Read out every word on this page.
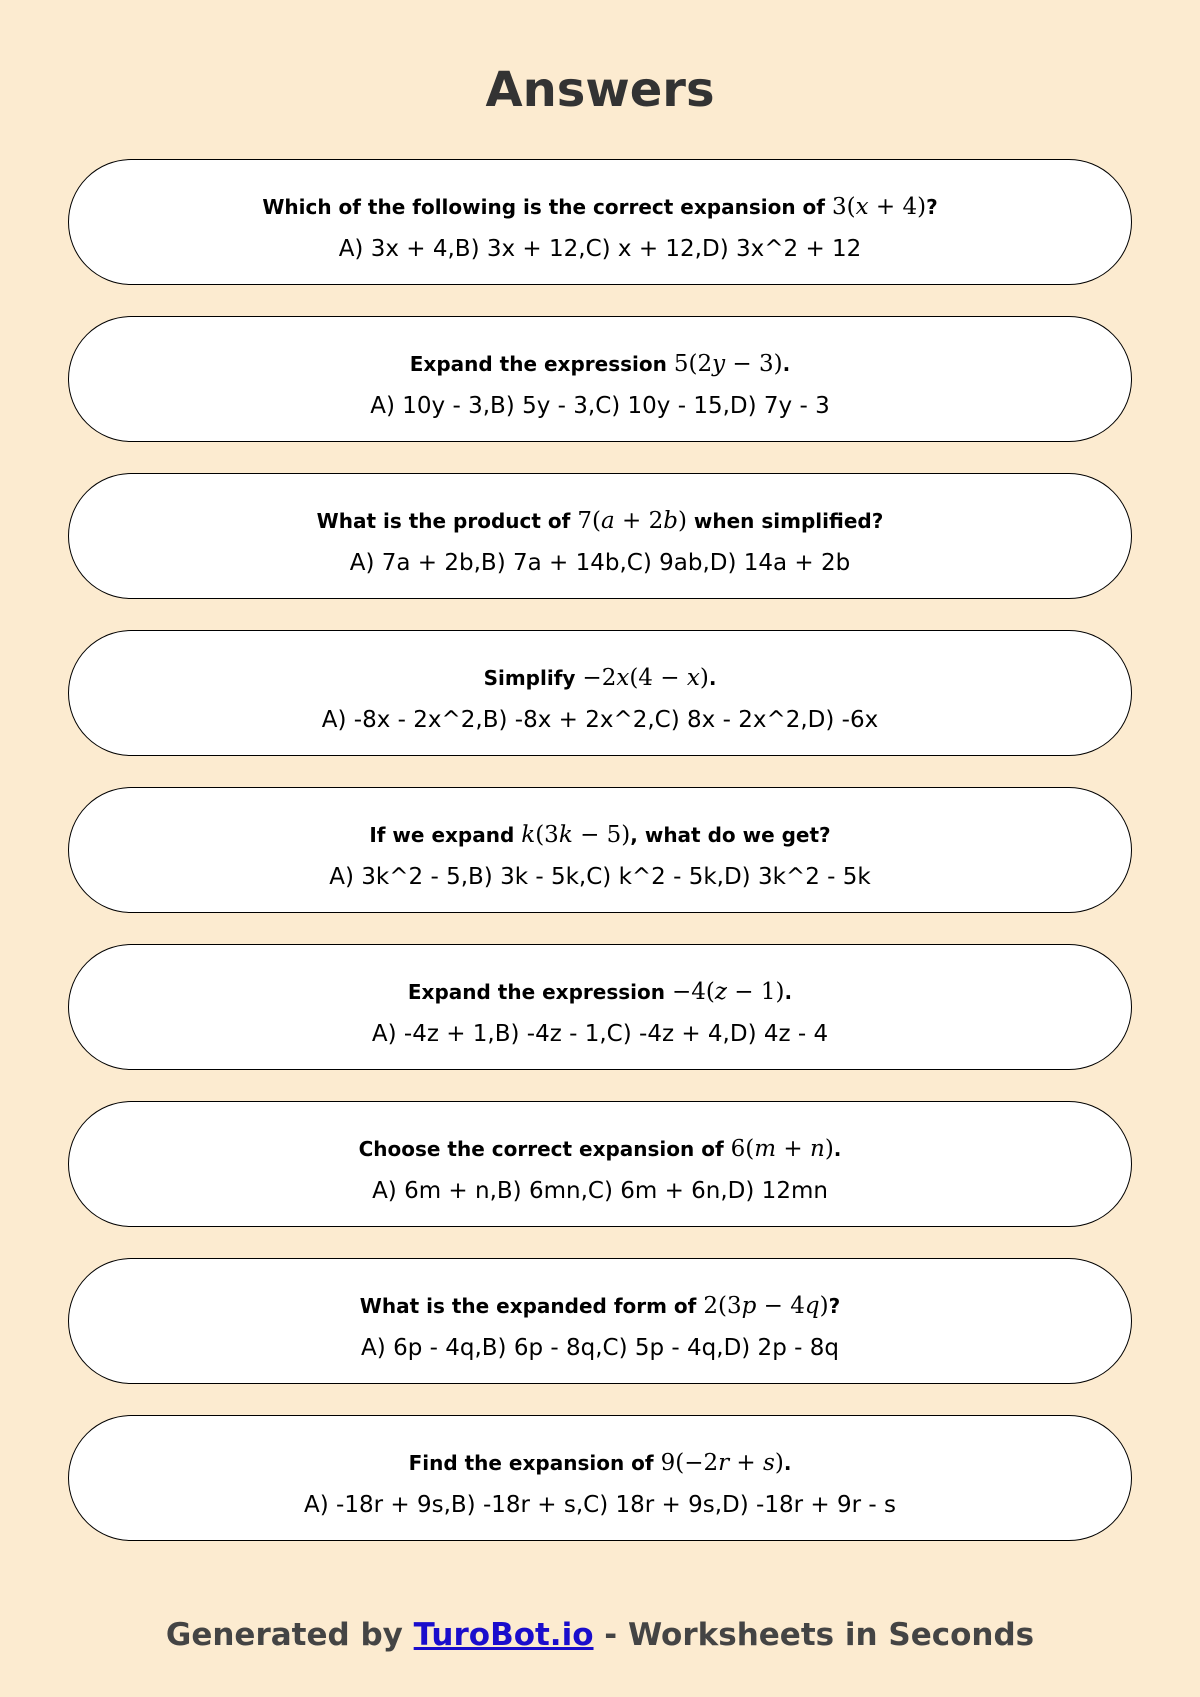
Answers
Which of the following is the correct expansion of 3(x + 4)?
A) 3x + 4,B) 3x + 12,C) x + 12,D) 3x^2 + 12
Expand the expression 5(2y − 3).
A) 10y - 3,B) 5y - 3,C) 10y - 15,D) 7y - 3
What is the product of 7(a + 2b) when simplified?
A) 7a + 2b,B) 7a + 14b,C) 9ab,D) 14a + 2b
Simplify −2x(4 − x).
A) -8x - 2x^2,B) -8x + 2x^2,C) 8x - 2x^2,D) -6x
If we expand k(3k − 5), what do we get?
A) 3k^2 - 5,B) 3k - 5k,C) k^2 - 5k,D) 3k^2 - 5k
Expand the expression −4(z − 1).
A) -4z + 1,B) -4z - 1,C) -4z + 4,D) 4z - 4
Choose the correct expansion of 6(m + n).
A) 6m + n,B) 6mn,C) 6m + 6n,D) 12mn
What is the expanded form of 2(3p − 4q)?
A) 6p - 4q,B) 6p - 8q,C) 5p - 4q,D) 2p - 8q
Find the expansion of 9(−2r + s).
A) -18r + 9s,B) -18r + s,C) 18r + 9s,D) -18r + 9r - s
Generated by TuroBot.io - Worksheets in Seconds
